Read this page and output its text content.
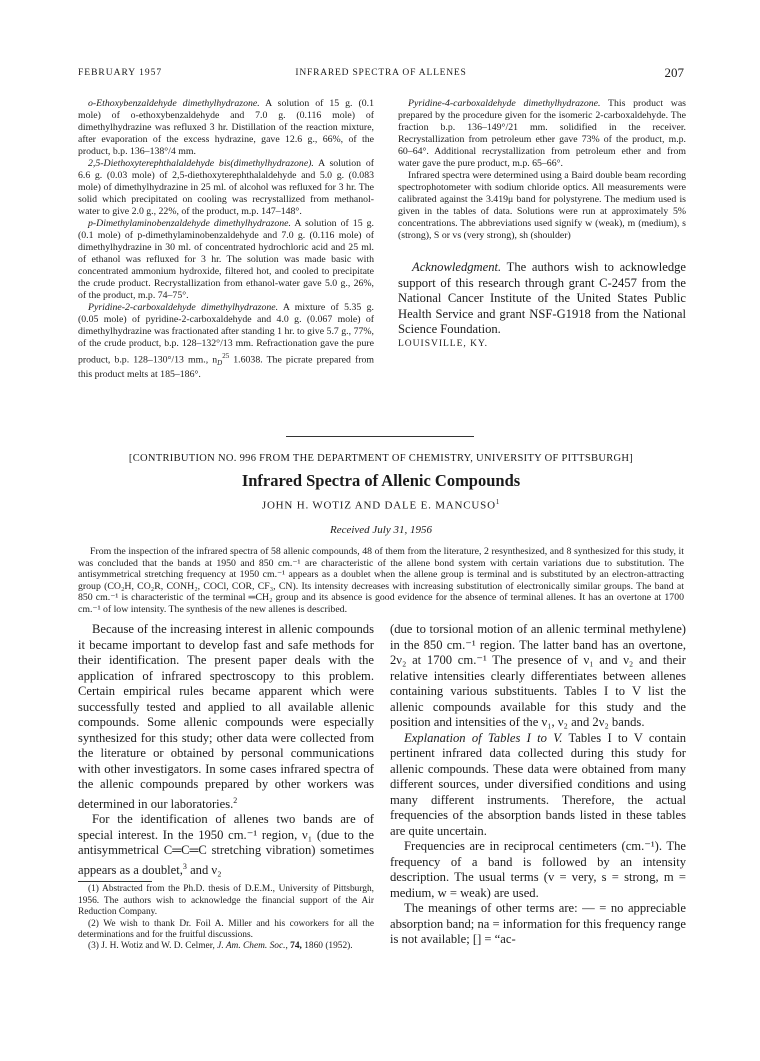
FEBRUARY 1957	INFRARED SPECTRA OF ALLENES	207

o-Ethoxybenzaldehyde dimethylhydrazone. A solution of 15 g. (0.1 mole) of o-ethoxybenzaldehyde and 7.0 g. (0.116 mole) of dimethylhydrazine was refluxed 3 hr. Distillation of the reaction mixture, after evaporation of the excess hydrazine, gave 12.6 g., 66%, of the product, b.p. 136–138°/4 mm.

2,5-Diethoxyterephthalaldehyde bis(dimethylhydrazone). A solution of 6.6 g. (0.03 mole) of 2,5-diethoxyterephthalaldehyde and 5.0 g. (0.083 mole) of dimethylhydrazine in 25 ml. of alcohol was refluxed for 3 hr. The solid which precipitated on cooling was recrystallized from methanol-water to give 2.0 g., 22%, of the product, m.p. 147–148°.

p-Dimethylaminobenzaldehyde dimethylhydrazone. A solution of 15 g. (0.1 mole) of p-dimethylaminobenzaldehyde and 7.0 g. (0.116 mole) of dimethylhydrazine in 30 ml. of concentrated hydrochloric acid and 25 ml. of ethanol was refluxed for 3 hr. The solution was made basic with concentrated ammonium hydroxide, filtered hot, and cooled to precipitate the crude product. Recrystallization from ethanol-water gave 5.0 g., 26%, of the product, m.p. 74–75°.

Pyridine-2-carboxaldehyde dimethylhydrazone. A mixture of 5.35 g. (0.05 mole) of pyridine-2-carboxaldehyde and 4.0 g. (0.067 mole) of dimethylhydrazine was fractionated after standing 1 hr. to give 5.7 g., 77%, of the crude product, b.p. 128–132°/13 mm. Refractionation gave the pure product, b.p. 128–130°/13 mm., $n_D^{25}$ 1.6038. The picrate prepared from this product melts at 185–186°.

Pyridine-4-carboxaldehyde dimethylhydrazone. This product was prepared by the procedure given for the isomeric 2-carboxaldehyde. The fraction b.p. 136–149°/21 mm. solidified in the receiver. Recrystallization from petroleum ether gave 73% of the product, m.p. 60–64°. Additional recrystallization from petroleum ether and from water gave the pure product, m.p. 65–66°.

Infrared spectra were determined using a Baird double beam recording spectrophotometer with sodium chloride optics. All measurements were calibrated against the 3.419μ band for polystyrene. The medium used is given in the tables of data. Solutions were run at approximately 5% concentrations. The abbreviations used signify w (weak), m (medium), s (strong), S or vs (very strong), sh (shoulder)

Acknowledgment. The authors wish to acknowledge support of this research through grant C-2457 from the National Cancer Institute of the United States Public Health Service and grant NSF-G1918 from the National Science Foundation.

LOUISVILLE, KY.

[CONTRIBUTION NO. 996 FROM THE DEPARTMENT OF CHEMISTRY, UNIVERSITY OF PITTSBURGH]
Infrared Spectra of Allenic Compounds
JOHN H. WOTIZ AND DALE E. MANCUSO$^1$
Received July 31, 1956

From the inspection of the infrared spectra of 58 allenic compounds, 48 of them from the literature, 2 resynthesized, and 8 synthesized for this study, it was concluded that the bands at 1950 and 850 cm.⁻¹ are characteristic of the allene bond system with certain variations due to substitution. The antisymmetrical stretching frequency at 1950 cm.⁻¹ appears as a doublet when the allene group is terminal and is substituted by an electron-attracting group (CO₂H, CO₂R, CONH₂, COCl, COR, CF₃, CN). Its intensity decreases with increasing substitution of electronically similar groups. The band at 850 cm.⁻¹ is characteristic of the terminal ═CH₂ group and its absence is good evidence for the absence of terminal allenes. It has an overtone at 1700 cm.⁻¹ of low intensity. The synthesis of the new allenes is described.

Because of the increasing interest in allenic compounds it became important to develop fast and safe methods for their identification. The present paper deals with the application of infrared spectroscopy to this problem. Certain empirical rules became apparent which were successfully tested and applied to all available allenic compounds. Some allenic compounds were especially synthesized for this study; other data were collected from the literature or obtained by personal communications with other investigators. In some cases infrared spectra of the allenic compounds prepared by other workers was determined in our laboratories.$^2$

For the identification of allenes two bands are of special interest. In the 1950 cm.⁻¹ region, ν₁ (due to the antisymmetrical C═C═C stretching vibration) sometimes appears as a doublet,$^3$ and ν₂

(1) Abstracted from the Ph.D. thesis of D.E.M., University of Pittsburgh, 1956. The authors wish to acknowledge the financial support of the Air Reduction Company.

(2) We wish to thank Dr. Foil A. Miller and his coworkers for all the determinations and for the fruitful discussions.

(3) J. H. Wotiz and W. D. Celmer, J. Am. Chem. Soc., 74, 1860 (1952).

(due to torsional motion of an allenic terminal methylene) in the 850 cm.⁻¹ region. The latter band has an overtone, 2ν₂ at 1700 cm.⁻¹ The presence of ν₁ and ν₂ and their relative intensities clearly differentiates between allenes containing various substituents. Tables I to V list the allenic compounds available for this study and the position and intensities of the ν₁, ν₂ and 2ν₂ bands.

Explanation of Tables I to V. Tables I to V contain pertinent infrared data collected during this study for allenic compounds. These data were obtained from many different sources, under diversified conditions and using many different instruments. Therefore, the actual frequencies of the absorption bands listed in these tables are quite uncertain.

Frequencies are in reciprocal centimeters (cm.⁻¹). The frequency of a band is followed by an intensity description. The usual terms (v = very, s = strong, m = medium, w = weak) are used.

The meanings of other terms are: — = no appreciable absorption band; na = information for this frequency range is not available; [] = “ac-
